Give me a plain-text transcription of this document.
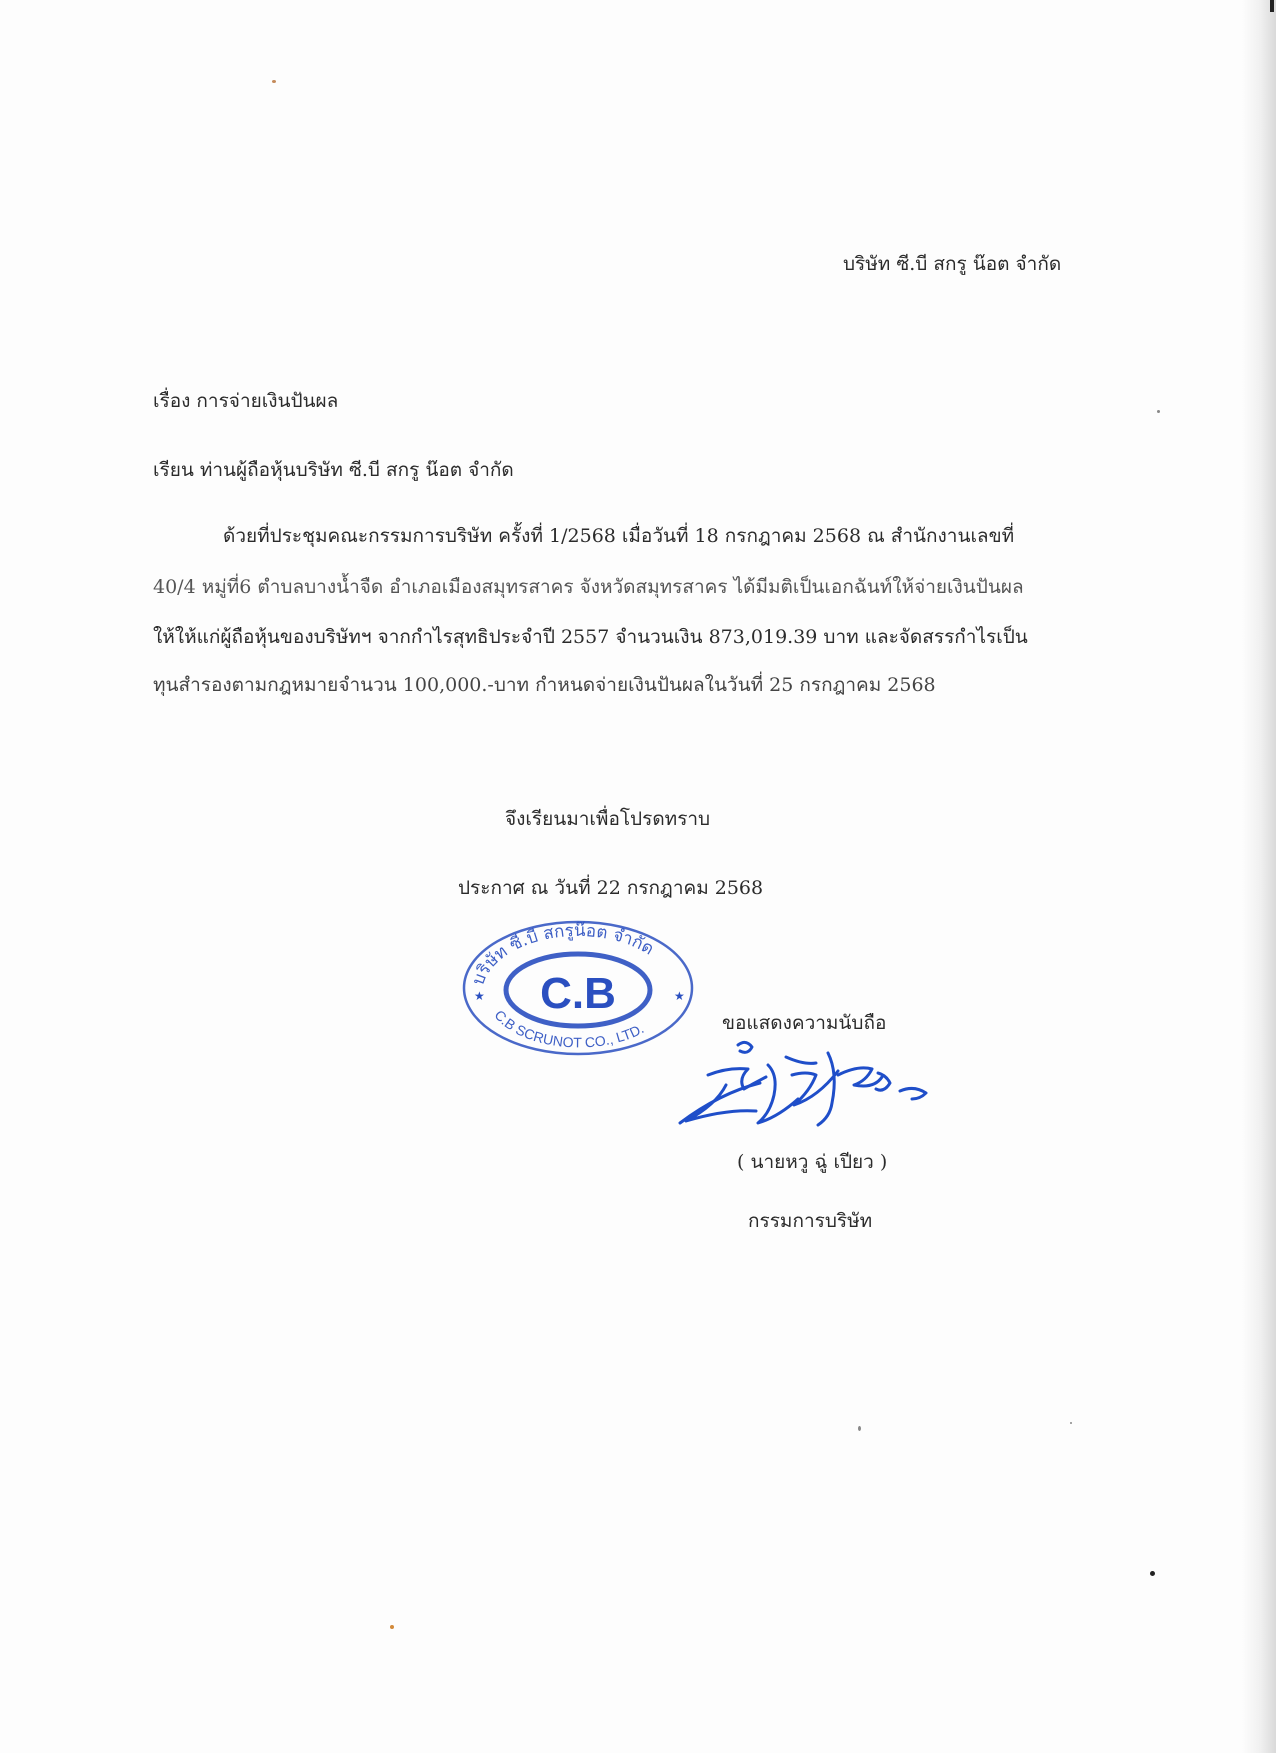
บริษัท ซี.บี สกรู น๊อต จำกัด
เรื่อง การจ่ายเงินปันผล
เรียน ท่านผู้ถือหุ้นบริษัท ซี.บี สกรู น๊อต จำกัด
ด้วยที่ประชุมคณะกรรมการบริษัท ครั้งที่ 1/2568 เมื่อวันที่ 18 กรกฎาคม 2568 ณ สำนักงานเลขที่
40/4 หมู่ที่6 ตำบลบางน้ำจืด อำเภอเมืองสมุทรสาคร จังหวัดสมุทรสาคร ได้มีมติเป็นเอกฉันท์ให้จ่ายเงินปันผล
ให้ให้แก่ผู้ถือหุ้นของบริษัทฯ จากกำไรสุทธิประจำปี 2557 จำนวนเงิน 873,019.39 บาท และจัดสรรกำไรเป็น
ทุนสำรองตามกฎหมายจำนวน 100,000.-บาท กำหนดจ่ายเงินปันผลในวันที่ 25 กรกฎาคม 2568
จึงเรียนมาเพื่อโปรดทราบ
ประกาศ ณ วันที่ 22 กรกฎาคม 2568
บริษัท ซี.บี สกรูน๊อต จำกัด
C.B
C.B SCRUNOT CO., LTD.
★	★
ขอแสดงความนับถือ
( นายหวู ฉู่ เปียว )
กรรมการบริษัท
